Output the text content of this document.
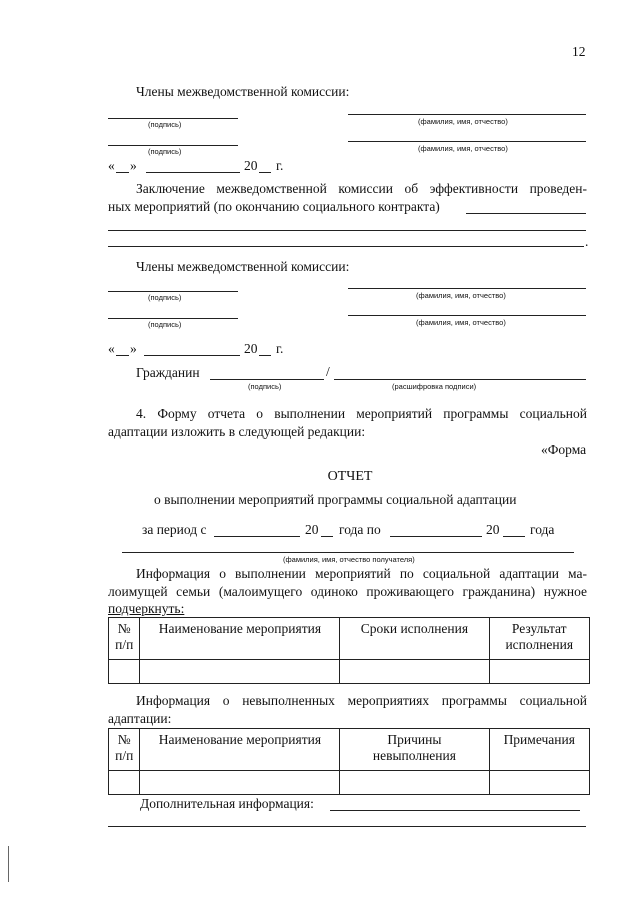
12
Члены межведомственной комиссии:
(подпись)	(фамилия, имя, отчество)
(подпись)	(фамилия, имя, отчество)
« »	20 г.
Заключение межведомственной комиссии об эффективности проведен-
ных мероприятий (по окончанию социального контракта)
.
Члены межведомственной комиссии:
(подпись)	(фамилия, имя, отчество)
(подпись)	(фамилия, имя, отчество)
« »	20 г.
Гражданин	/
(подпись)	(расшифровка подписи)
4. Форму отчета о выполнении мероприятий программы социальной
адаптации изложить в следующей редакции:
«Форма
ОТЧЕТ
о выполнении мероприятий программы социальной адаптации
за период с	20 года по	20 года
(фамилия, имя, отчество получателя)
Информация о выполнении мероприятий по социальной адаптации ма-
лоимущей семьи (малоимущего одиноко проживающего гражданина) нужное
подчеркнуть:
№ п/п	Наименование мероприятия	Сроки исполнения	Результат исполнения

Информация о невыполненных мероприятиях программы социальной
адаптации:
№ п/п	Наименование мероприятия	Причины невыполнения	Примечания

Дополнительная информация:
